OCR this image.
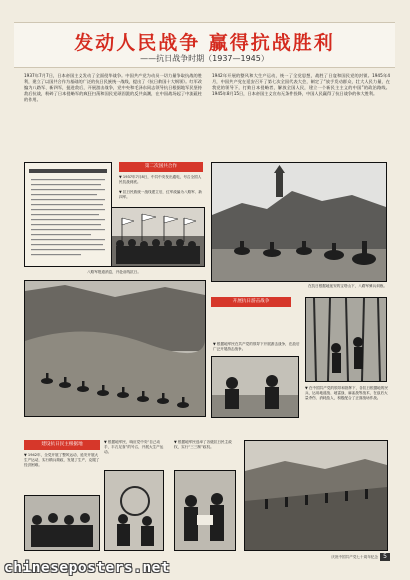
发动人民战争 赢得抗战胜利
——抗日战争时期（1937—1945）
1937年7月7日，日本帝国主义发动了全面侵华战争。中国共产党为动员一切力量争取抗战的胜利，建立了以国共合作为基础的广泛的抗日民族统一战线，提出了《抗日救国十大纲领》。红军改编为八路军、新四军，挺进敌后，开展游击战争，党中央和毛泽东同志领导抗日根据地军民坚持敌后抗战，粉碎了日本侵略军的疯狂扫荡和国民党顽固派的反共高潮，在中国战场起了中流砥柱的作用。
1942年开展的整风和大生产运动，统一了全党思想，战胜了日寇和国民党的封锁。1945年4月，中国共产党在延安召开了第七次全国代表大会，制定了“放手发动群众，壮大人民力量，在我党的领导下，打败日本侵略者，解放全国人民，建立一个新民主主义的中国”的政治路线。1945年8月15日，日本帝国主义宣布无条件投降，中国人民赢得了抗日战争的伟大胜利。
第二次国共合作
▼ 1937年7月8日，中共中央发出通电，号召全国人民抗战到底。
▼ 抗日民族统一战线建立后，红军改编为八路军、新四军。
八路军报道消息，开赴前线抗日。
在抗日根据地延安的宝塔山下，八路军骑兵训练。
开展抗日游击战争
▼ 根据地军民在共产党的领导下开展游击战争，在敌后广泛开展游击战争。
▼ 在中国共产党的领导和指挥下，各抗日根据地的民兵，运用地道战、地雷战、麻雀战等战术，在敌后大量杀伤、消耗敌人，积极配合了正面战场作战。
建设抗日民主根据地
▼ 1942年，全党开展了整风运动，延安开展大生产运动，实行精兵简政，发展了生产，克服了经济困难。
▼ 根据地军民，响应党中央“自己动手，丰衣足食”的号召，开展大生产运动。
▼ 根据地军民选举了各级抗日民主政权，实行“三三制”政权。
庆祝中国共产党七十周年纪念 5
chineseposters.net
